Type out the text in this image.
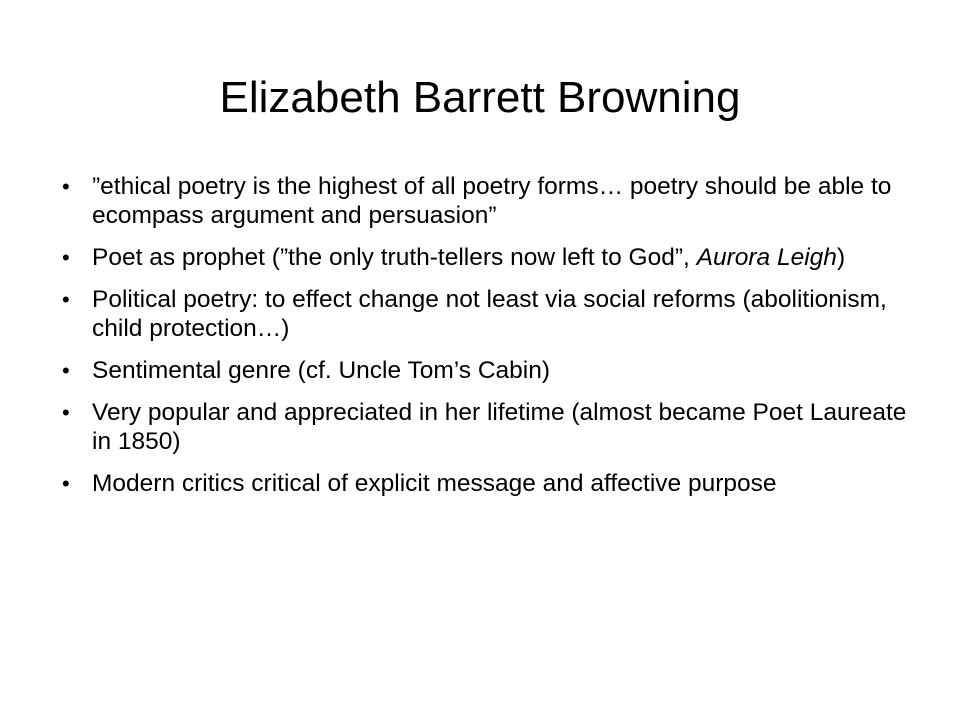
Elizabeth Barrett Browning
• ”ethical poetry is the highest of all poetry forms… poetry should be able to ecompass argument and persuasion”
• Poet as prophet (”the only truth-tellers now left to God”, Aurora Leigh)
• Political poetry: to effect change not least via social reforms (abolitionism, child protection…)
• Sentimental genre (cf. Uncle Tom’s Cabin)
• Very popular and appreciated in her lifetime (almost became Poet Laureate in 1850)
• Modern critics critical of explicit message and affective purpose
